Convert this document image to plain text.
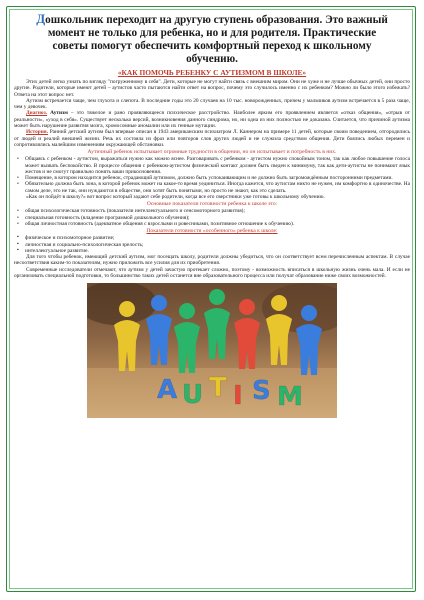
Дошкольник переходит на другую ступень образования. Это важный
момент не только для ребенка, но и для родителя. Практические
советы помогут обеспечить комфортный переход к школьному
обучению.
«КАК ПОМОЧЬ РЕБЕНКУ С АУТИЗМОМ В ШКОЛЕ»

Этих детей легко узнать по взгляду "погруженному в себя". Дети, которые не могут найти связь с внешним миром. Они не хуже и не лучше обычных детей, они просто другие. Родители, которые имеют детей – аутистов часто пытаются найти ответ на вопрос, почему это случилось именно с их ребенком? Можно ли было этого избежать? Ответа на этот вопрос нет.

Аутизм встречается чаще, чем глухота и слепота. В последние годы это 20 случаев на 10 тыс. новорожденных, причем у мальчиков аутизм встречается в 5 раза чаще, чем у девочек.

Диагноз. Аутизм – это тяжелое и рано проявляющееся психическое расстройство. Наиболее ярким его проявлением является «отказ общения», «отрыв от реальности», «уход в себя». Существует несколько версий, возникновения данного синдрома, но, ни одна из них полностью не доказана. Считается, что причиной аутизма может быть нарушение развития мозга, хромосомные аномалии или их генные мутации.

История. Ранний детский аутизм был впервые описан в 1943 американским психиатром Л. Каннером на примере 11 детей, которые своим поведением, отгородились от людей и реалий внешней жизни. Речь их состояла из фраз или повторов слов других людей и не служила средством общения. Дети боялись любых перемен и сопротивлялись малейшим изменениям окружающей обстановки.

Аутичный ребенок испытывает огромные трудности в общении, но он испытывает и потребность в них.
• Общаясь с ребенком - аутистом, выражаться нужно как можно яснее. Разговаривать с ребенком - аутистом нужно спокойным тоном, так как любое повышение голоса может вызвать беспокойство. В процессе общения с ребенком-аутистом физический контакт должен быть сведен к минимуму, так как дети-аутисты не понимают язык жестов и не смогут правильно понять ваши прикосновения.
• Помещение, в котором находится ребенок, страдающий аутизмом, должно быть успокаивающим и не должно быть загромождённым посторонними предметами.
• Обязательно должна быть зона, в которой ребенок может на какое-то время уединиться. Иногда кажется, что аутистам никто не нужен, им комфортно в одиночестве. На самом деле, это не так, они нуждаются в обществе, они хотят быть понятыми, но просто не знают, как это сделать.

«Как он пойдёт в школу?» вот вопрос который задают себе родители, когда все его сверстники уже готовы к школьному обучению.

Основные показатели готовности ребенка к школе это:
• общая психологическая готовность (показатели интеллектуального и сенсомоторного развития);
• специальная готовность (владение программой дошкольного обучения);
• общая личностная готовность (адекватное общения с взрослыми и ровесниками, позитивное отношение к обучению).
Показатели готовности «особенного» ребенка к школе:
▪ физическое и психомоторное развитие;
▪ личностная и социально-психологическая зрелость;
▪ интеллектуальное развитие.

Для того чтобы ребенок, имеющий детский аутизм, мог посещать школу, родители должны убедиться, что он соответствует всем перечисленным аспектам. В случае несоответствия каким-то показателям, нужно приложить все усилия для их приобретения.

Современные исследователи отмечают, что аутизм у детей зачастую протекает сложно, поэтому - возможность вписаться в школьную жизнь очень мала. И если не организовать специальной подготовки, то большинство таких детей останется вне образовательного процесса или получат образование ниже своих возможностей.

A U T I S M
